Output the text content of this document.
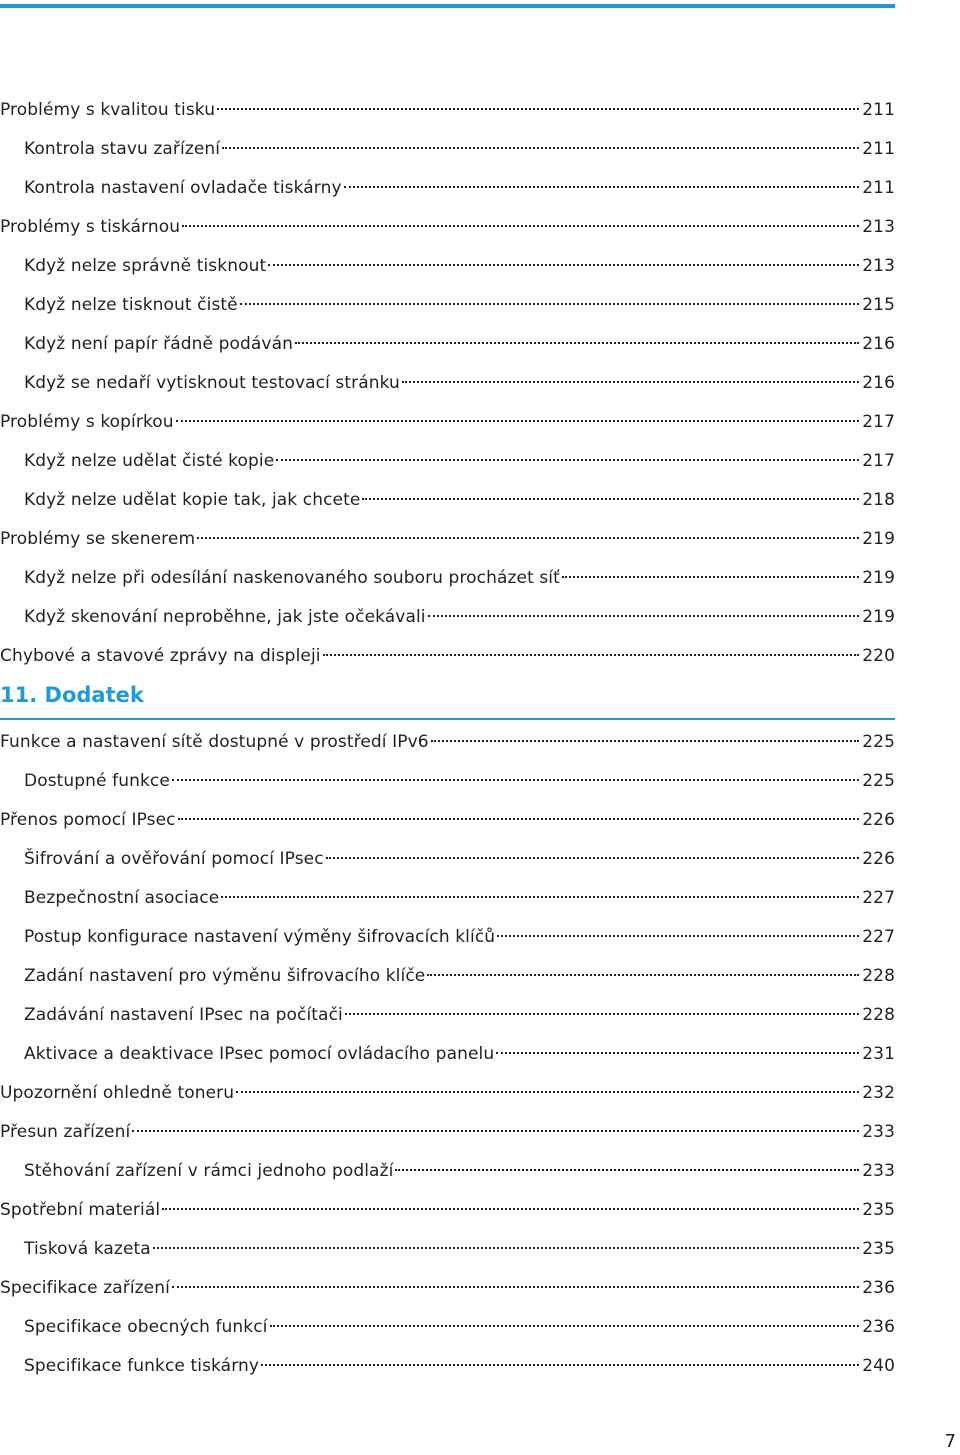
Problémy s kvalitou tisku	211
Kontrola stavu zařízení	211
Kontrola nastavení ovladače tiskárny	211
Problémy s tiskárnou	213
Když nelze správně tisknout	213
Když nelze tisknout čistě	215
Když není papír řádně podáván	216
Když se nedaří vytisknout testovací stránku	216
Problémy s kopírkou	217
Když nelze udělat čisté kopie	217
Když nelze udělat kopie tak, jak chcete	218
Problémy se skenerem	219
Když nelze při odesílání naskenovaného souboru procházet síť	219
Když skenování neproběhne, jak jste očekávali	219
Chybové a stavové zprávy na displeji	220
11. Dodatek
Funkce a nastavení sítě dostupné v prostředí IPv6	225
Dostupné funkce	225
Přenos pomocí IPsec	226
Šifrování a ověřování pomocí IPsec	226
Bezpečnostní asociace	227
Postup konfigurace nastavení výměny šifrovacích klíčů	227
Zadání nastavení pro výměnu šifrovacího klíče	228
Zadávání nastavení IPsec na počítači	228
Aktivace a deaktivace IPsec pomocí ovládacího panelu	231
Upozornění ohledně toneru	232
Přesun zařízení	233
Stěhování zařízení v rámci jednoho podlaží	233
Spotřební materiál	235
Tisková kazeta	235
Specifikace zařízení	236
Specifikace obecných funkcí	236
Specifikace funkce tiskárny	240
7
